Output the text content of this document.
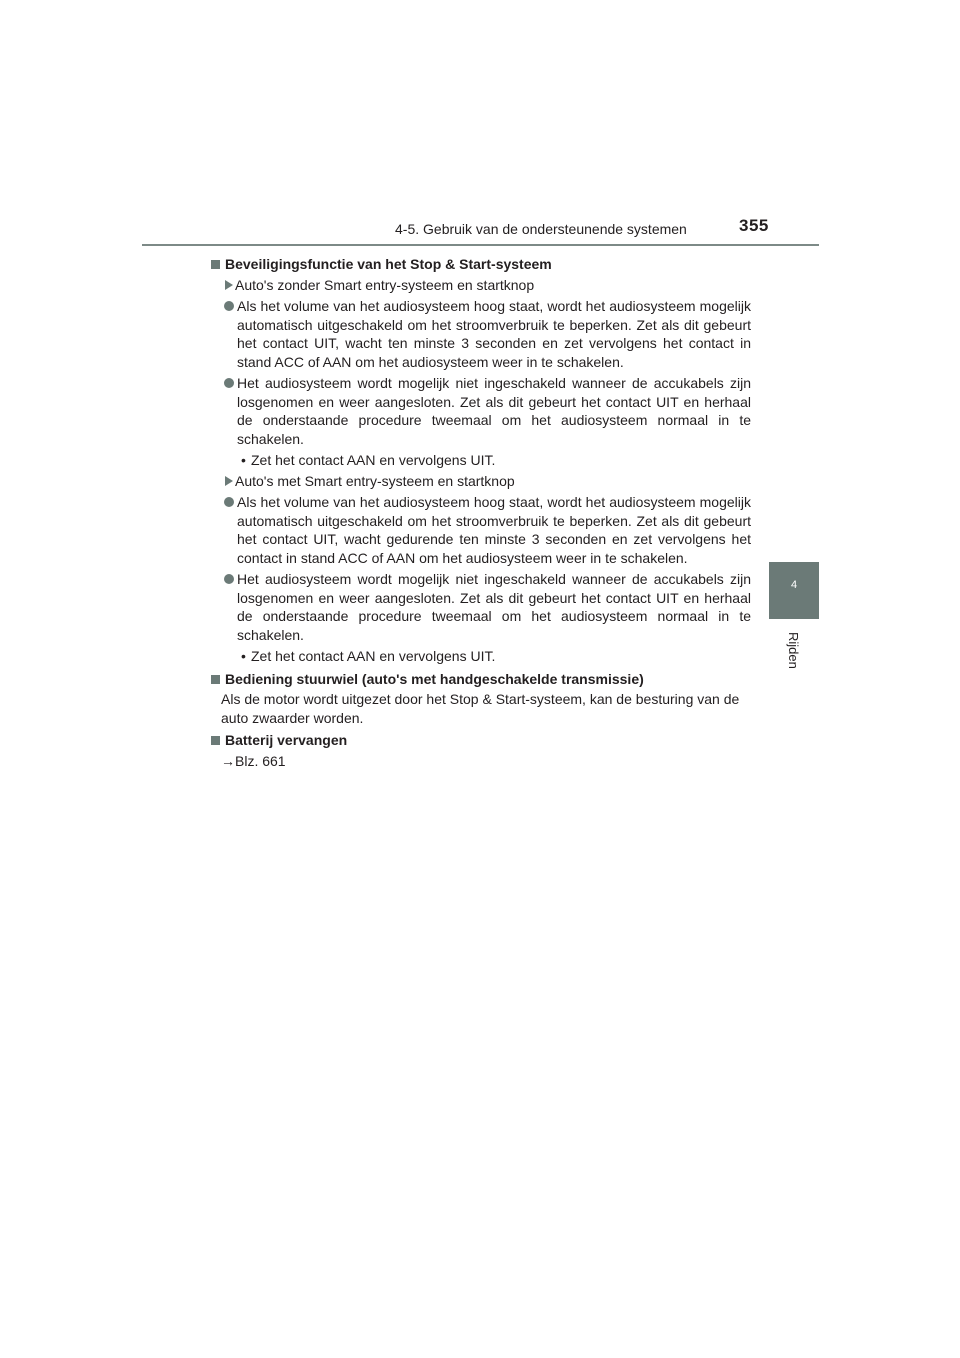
4-5. Gebruik van de ondersteunende systemen	355
4
Rijden
Beveiligingsfunctie van het Stop & Start-systeem
Auto's zonder Smart entry-systeem en startknop
Als het volume van het audiosysteem hoog staat, wordt het audiosysteem mogelijk automatisch uitgeschakeld om het stroomverbruik te beperken. Zet als dit gebeurt het contact UIT, wacht ten minste 3 seconden en zet vervolgens het contact in stand ACC of AAN om het audiosysteem weer in te schakelen.
Het audiosysteem wordt mogelijk niet ingeschakeld wanneer de accukabels zijn losgenomen en weer aangesloten. Zet als dit gebeurt het contact UIT en herhaal de onderstaande procedure tweemaal om het audiosysteem normaal in te schakelen.
• Zet het contact AAN en vervolgens UIT.
Auto's met Smart entry-systeem en startknop
Als het volume van het audiosysteem hoog staat, wordt het audiosysteem mogelijk automatisch uitgeschakeld om het stroomverbruik te beperken. Zet als dit gebeurt het contact UIT, wacht gedurende ten minste 3 seconden en zet vervolgens het contact in stand ACC of AAN om het audiosysteem weer in te schakelen.
Het audiosysteem wordt mogelijk niet ingeschakeld wanneer de accukabels zijn losgenomen en weer aangesloten. Zet als dit gebeurt het contact UIT en herhaal de onderstaande procedure tweemaal om het audiosysteem normaal in te schakelen.
• Zet het contact AAN en vervolgens UIT.
Bediening stuurwiel (auto's met handgeschakelde transmissie)
Als de motor wordt uitgezet door het Stop & Start-systeem, kan de besturing van de auto zwaarder worden.
Batterij vervangen
→Blz. 661
